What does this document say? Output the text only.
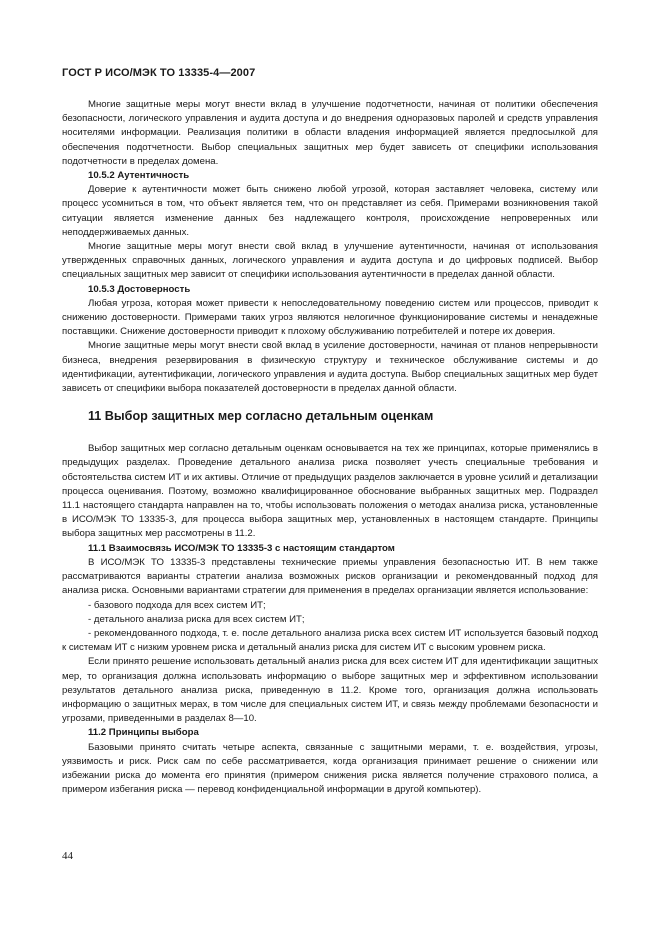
ГОСТ Р ИСО/МЭК ТО 13335-4—2007

Многие защитные меры могут внести вклад в улучшение подотчетности, начиная от политики обеспечения безопасности, логического управления и аудита доступа и до внедрения одноразовых паролей и средств управления носителями информации. Реализация политики в области владения информацией является предпосылкой для обеспечения подотчетности. Выбор специальных защитных мер будет зависеть от специфики использования подотчетности в пределах домена.

10.5.2 Аутентичность

Доверие к аутентичности может быть снижено любой угрозой, которая заставляет человека, систему или процесс усомниться в том, что объект является тем, что он представляет из себя. Примерами возникновения такой ситуации является изменение данных без надлежащего контроля, происхождение непроверенных или неподдерживаемых данных.

Многие защитные меры могут внести свой вклад в улучшение аутентичности, начиная от использования утвержденных справочных данных, логического управления и аудита доступа и до цифровых подписей. Выбор специальных защитных мер зависит от специфики использования аутентичности в пределах данной области.

10.5.3 Достоверность

Любая угроза, которая может привести к непоследовательному поведению систем или процессов, приводит к снижению достоверности. Примерами таких угроз являются нелогичное функционирование системы и ненадежные поставщики. Снижение достоверности приводит к плохому обслуживанию потребителей и потере их доверия.

Многие защитные меры могут внести свой вклад в усиление достоверности, начиная от планов непрерывности бизнеса, внедрения резервирования в физическую структуру и техническое обслуживание системы и до идентификации, аутентификации, логического управления и аудита доступа. Выбор специальных защитных мер будет зависеть от специфики выбора показателей достоверности в пределах данной области.

11 Выбор защитных мер согласно детальным оценкам

Выбор защитных мер согласно детальным оценкам основывается на тех же принципах, которые применялись в предыдущих разделах. Проведение детального анализа риска позволяет учесть специальные требования и обстоятельства систем ИТ и их активы. Отличие от предыдущих разделов заключается в уровне усилий и детализации процесса оценивания. Поэтому, возможно квалифицированное обоснование выбранных защитных мер. Подраздел 11.1 настоящего стандарта направлен на то, чтобы использовать положения о методах анализа риска, установленные в ИСО/МЭК ТО 13335-3, для процесса выбора защитных мер, установленных в настоящем стандарте. Принципы выбора защитных мер рассмотрены в 11.2.

11.1 Взаимосвязь ИСО/МЭК ТО 13335-3 с настоящим стандартом

В ИСО/МЭК ТО 13335-3 представлены технические приемы управления безопасностью ИТ. В нем также рассматриваются варианты стратегии анализа возможных рисков организации и рекомендованный подход для анализа риска. Основными вариантами стратегии для применения в пределах организации является использование:

- базового подхода для всех систем ИТ;

- детального анализа риска для всех систем ИТ;

- рекомендованного подхода, т. е. после детального анализа риска всех систем ИТ используется базовый подход к системам ИТ с низким уровнем риска и детальный анализ риска для систем ИТ с высоким уровнем риска.

Если принято решение использовать детальный анализ риска для всех систем ИТ для идентификации защитных мер, то организация должна использовать информацию о выборе защитных мер и эффективном использовании результатов детального анализа риска, приведенную в 11.2. Кроме того, организация должна использовать информацию о защитных мерах, в том числе для специальных систем ИТ, и связь между проблемами безопасности и угрозами, приведенными в разделах 8—10.

11.2 Принципы выбора

Базовыми принято считать четыре аспекта, связанные с защитными мерами, т. е. воздействия, угрозы, уязвимость и риск. Риск сам по себе рассматривается, когда организация принимает решение о снижении или избежании риска до момента его принятия (примером снижения риска является получение страхового полиса, а примером избегания риска — перевод конфиденциальной информации в другой компьютер).

44
